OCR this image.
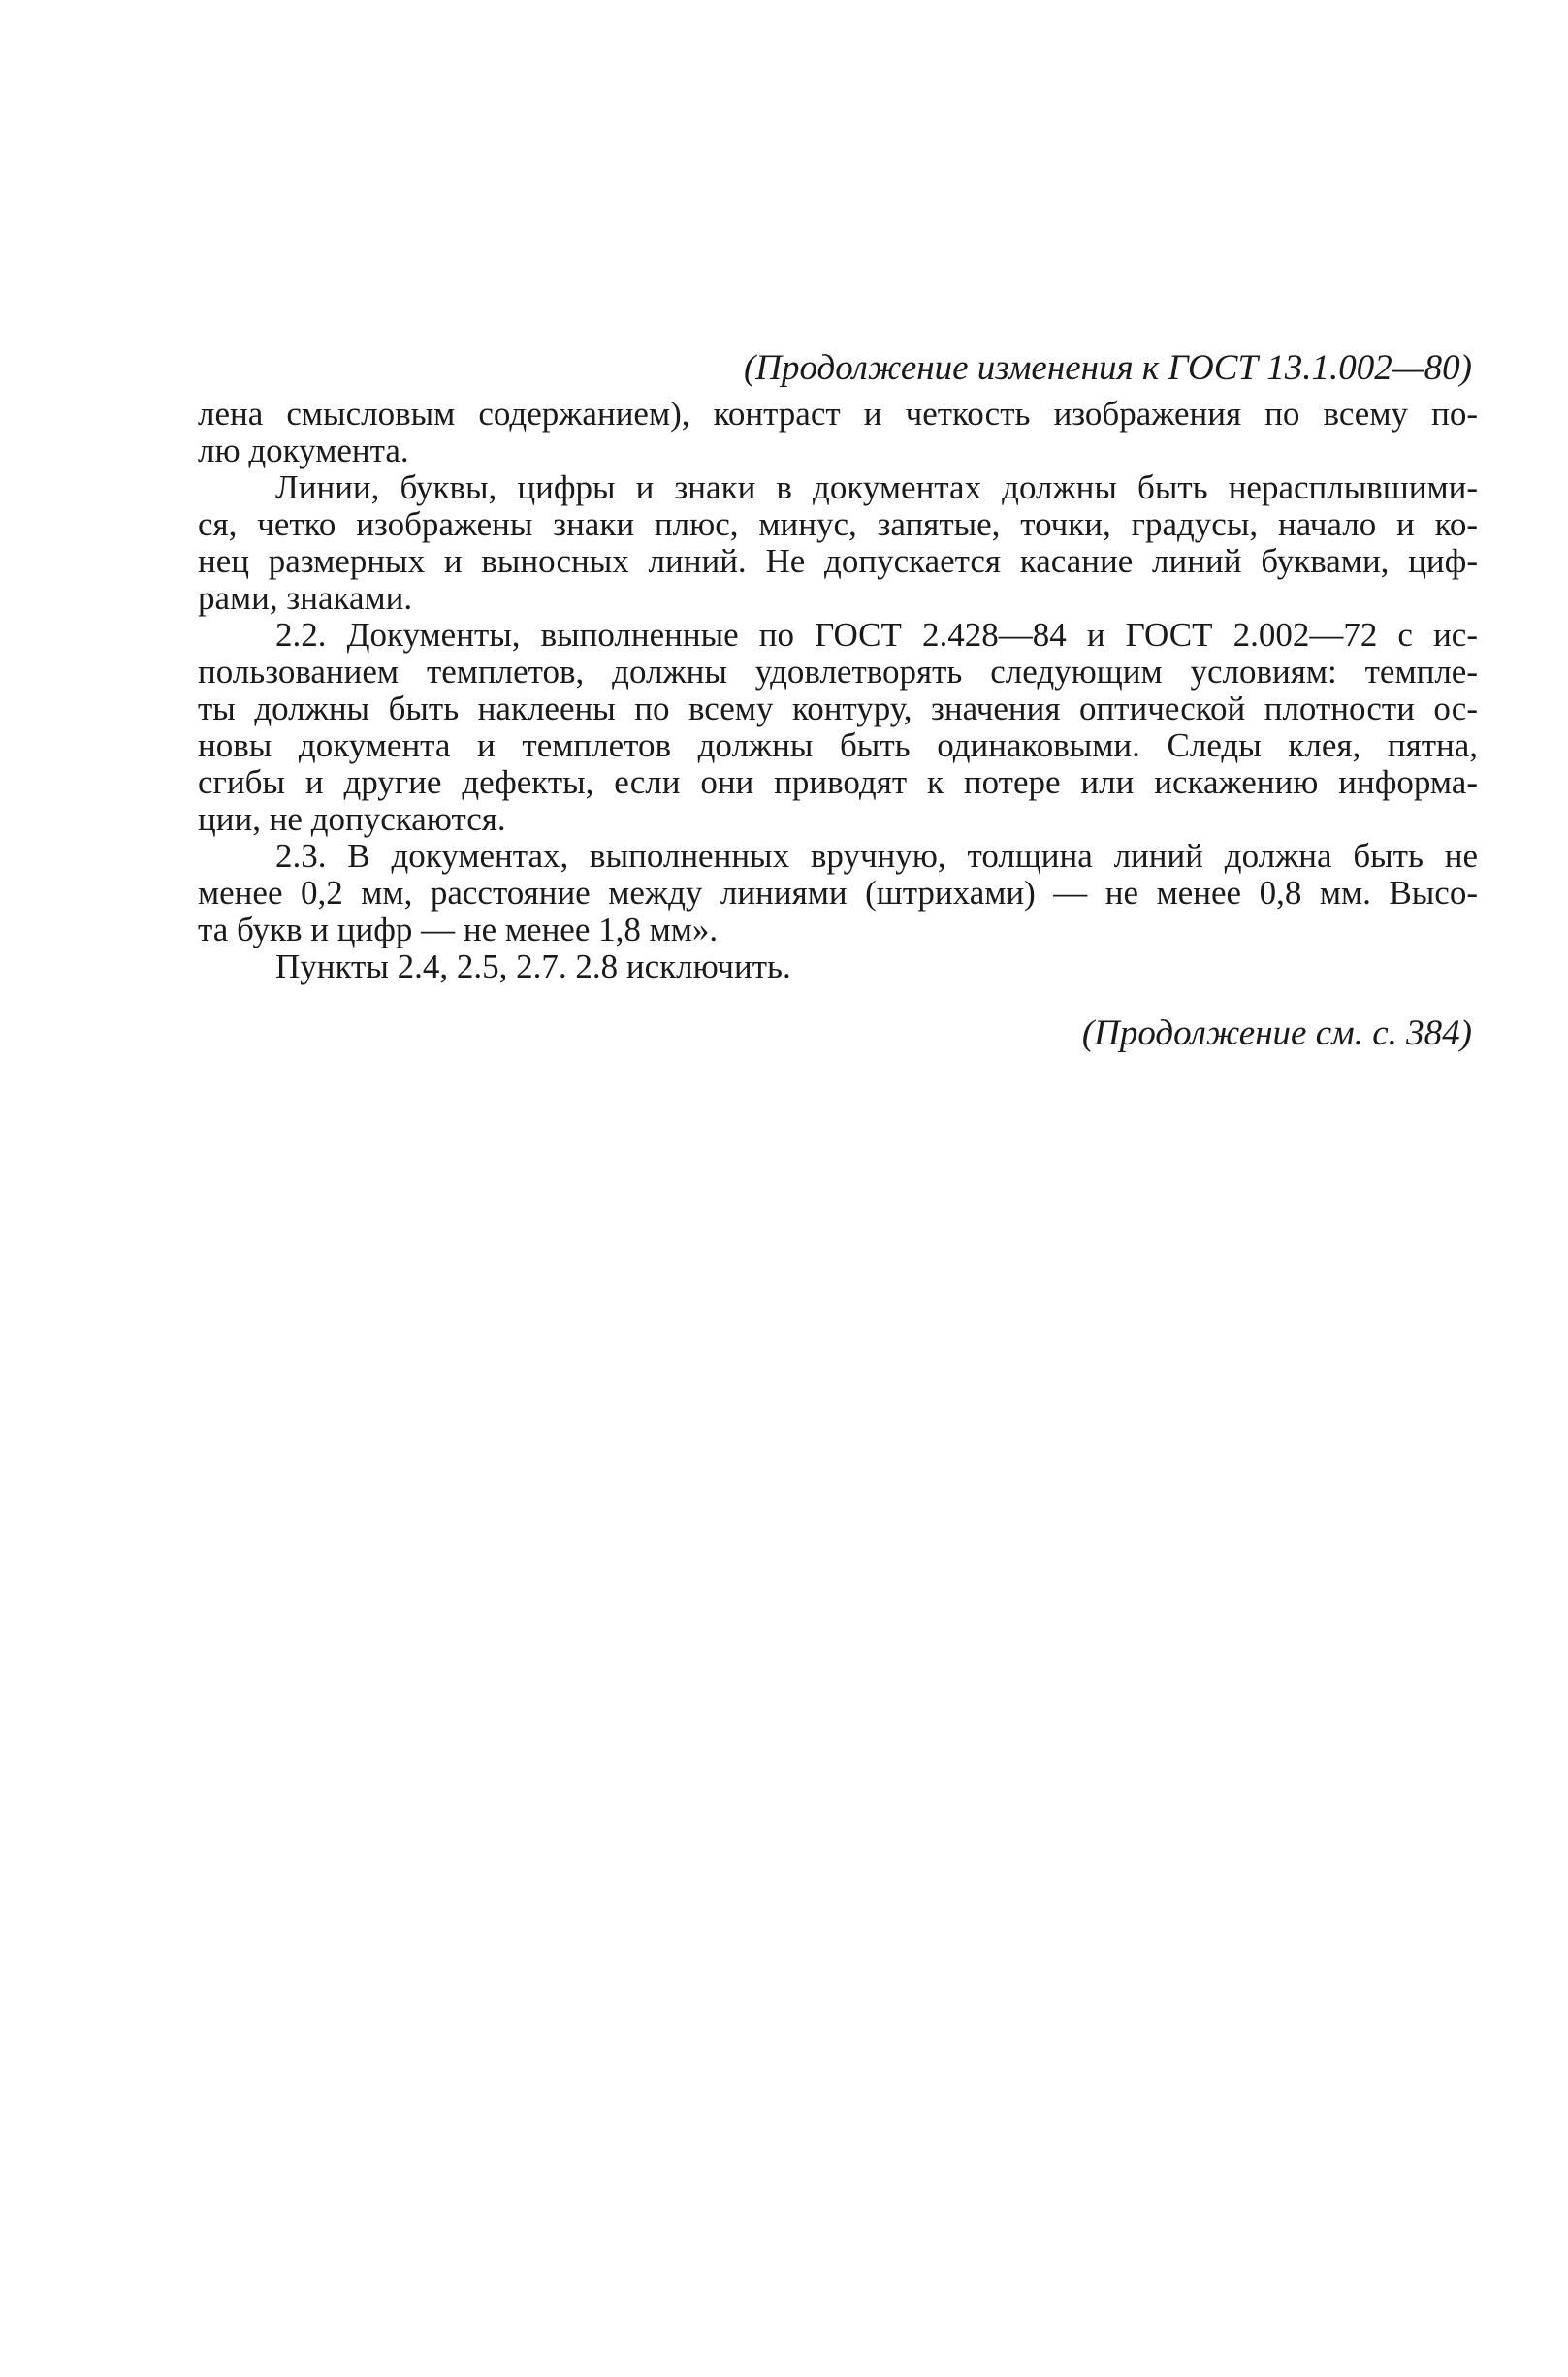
(Продолжение изменения к ГОСТ 13.1.002—80)
лена смысловым содержанием), контраст и четкость изображения по всему по-
лю документа.
Линии, буквы, цифры и знаки в документах должны быть нерасплывшими-
ся, четко изображены знаки плюс, минус, запятые, точки, градусы, начало и ко-
нец размерных и выносных линий. Не допускается касание линий буквами, циф-
рами, знаками.
2.2. Документы, выполненные по ГОСТ 2.428—84 и ГОСТ 2.002—72 с ис-
пользованием темплетов, должны удовлетворять следующим условиям: темпле-
ты должны быть наклеены по всему контуру, значения оптической плотности ос-
новы документа и темплетов должны быть одинаковыми. Следы клея, пятна,
сгибы и другие дефекты, если они приводят к потере или искажению информа-
ции, не допускаются.
2.3. В документах, выполненных вручную, толщина линий должна быть не
менее 0,2 мм, расстояние между линиями (штрихами) — не менее 0,8 мм. Высо-
та букв и цифр — не менее 1,8 мм».
Пункты 2.4, 2.5, 2.7. 2.8 исключить.
(Продолжение см. с. 384)
